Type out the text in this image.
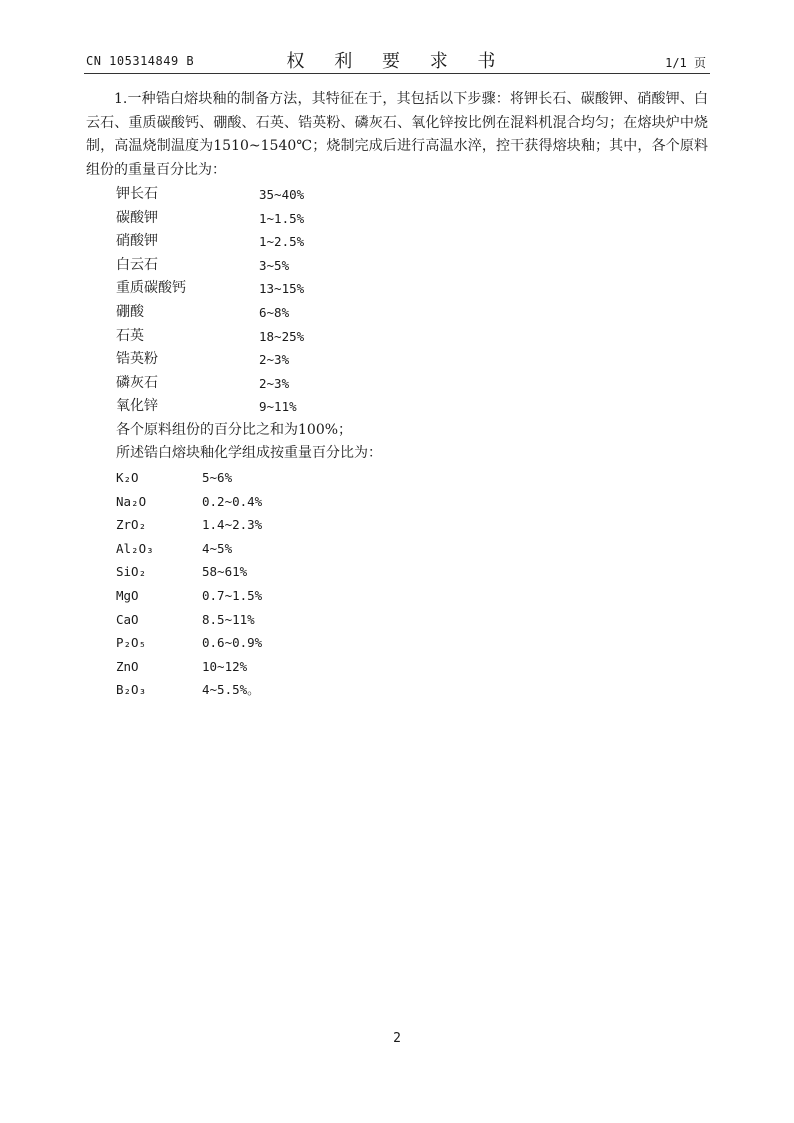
CN 105314849 B	权 利 要 求 书	1/1 页

1.一种锆白熔块釉的制备方法，其特征在于，其包括以下步骤：将钾长石、碳酸钾、硝酸钾、白云石、重质碳酸钙、硼酸、石英、锆英粉、磷灰石、氧化锌按比例在混料机混合均匀；在熔块炉中烧制，高温烧制温度为1510~1540℃；烧制完成后进行高温水淬，控干获得熔块釉；其中，各个原料组份的重量百分比为：

钾长石	35~40%
碳酸钾	1~1.5%
硝酸钾	1~2.5%
白云石	3~5%
重质碳酸钙	13~15%
硼酸	6~8%
石英	18~25%
锆英粉	2~3%
磷灰石	2~3%
氧化锌	9~11%
各个原料组份的百分比之和为100%；
所述锆白熔块釉化学组成按重量百分比为：
K₂O	5~6%
Na₂O	0.2~0.4%
ZrO₂	1.4~2.3%
Al₂O₃	4~5%
SiO₂	58~61%
MgO	0.7~1.5%
CaO	8.5~11%
P₂O₅	0.6~0.9%
ZnO	10~12%
B₂O₃	4~5.5%。
2
